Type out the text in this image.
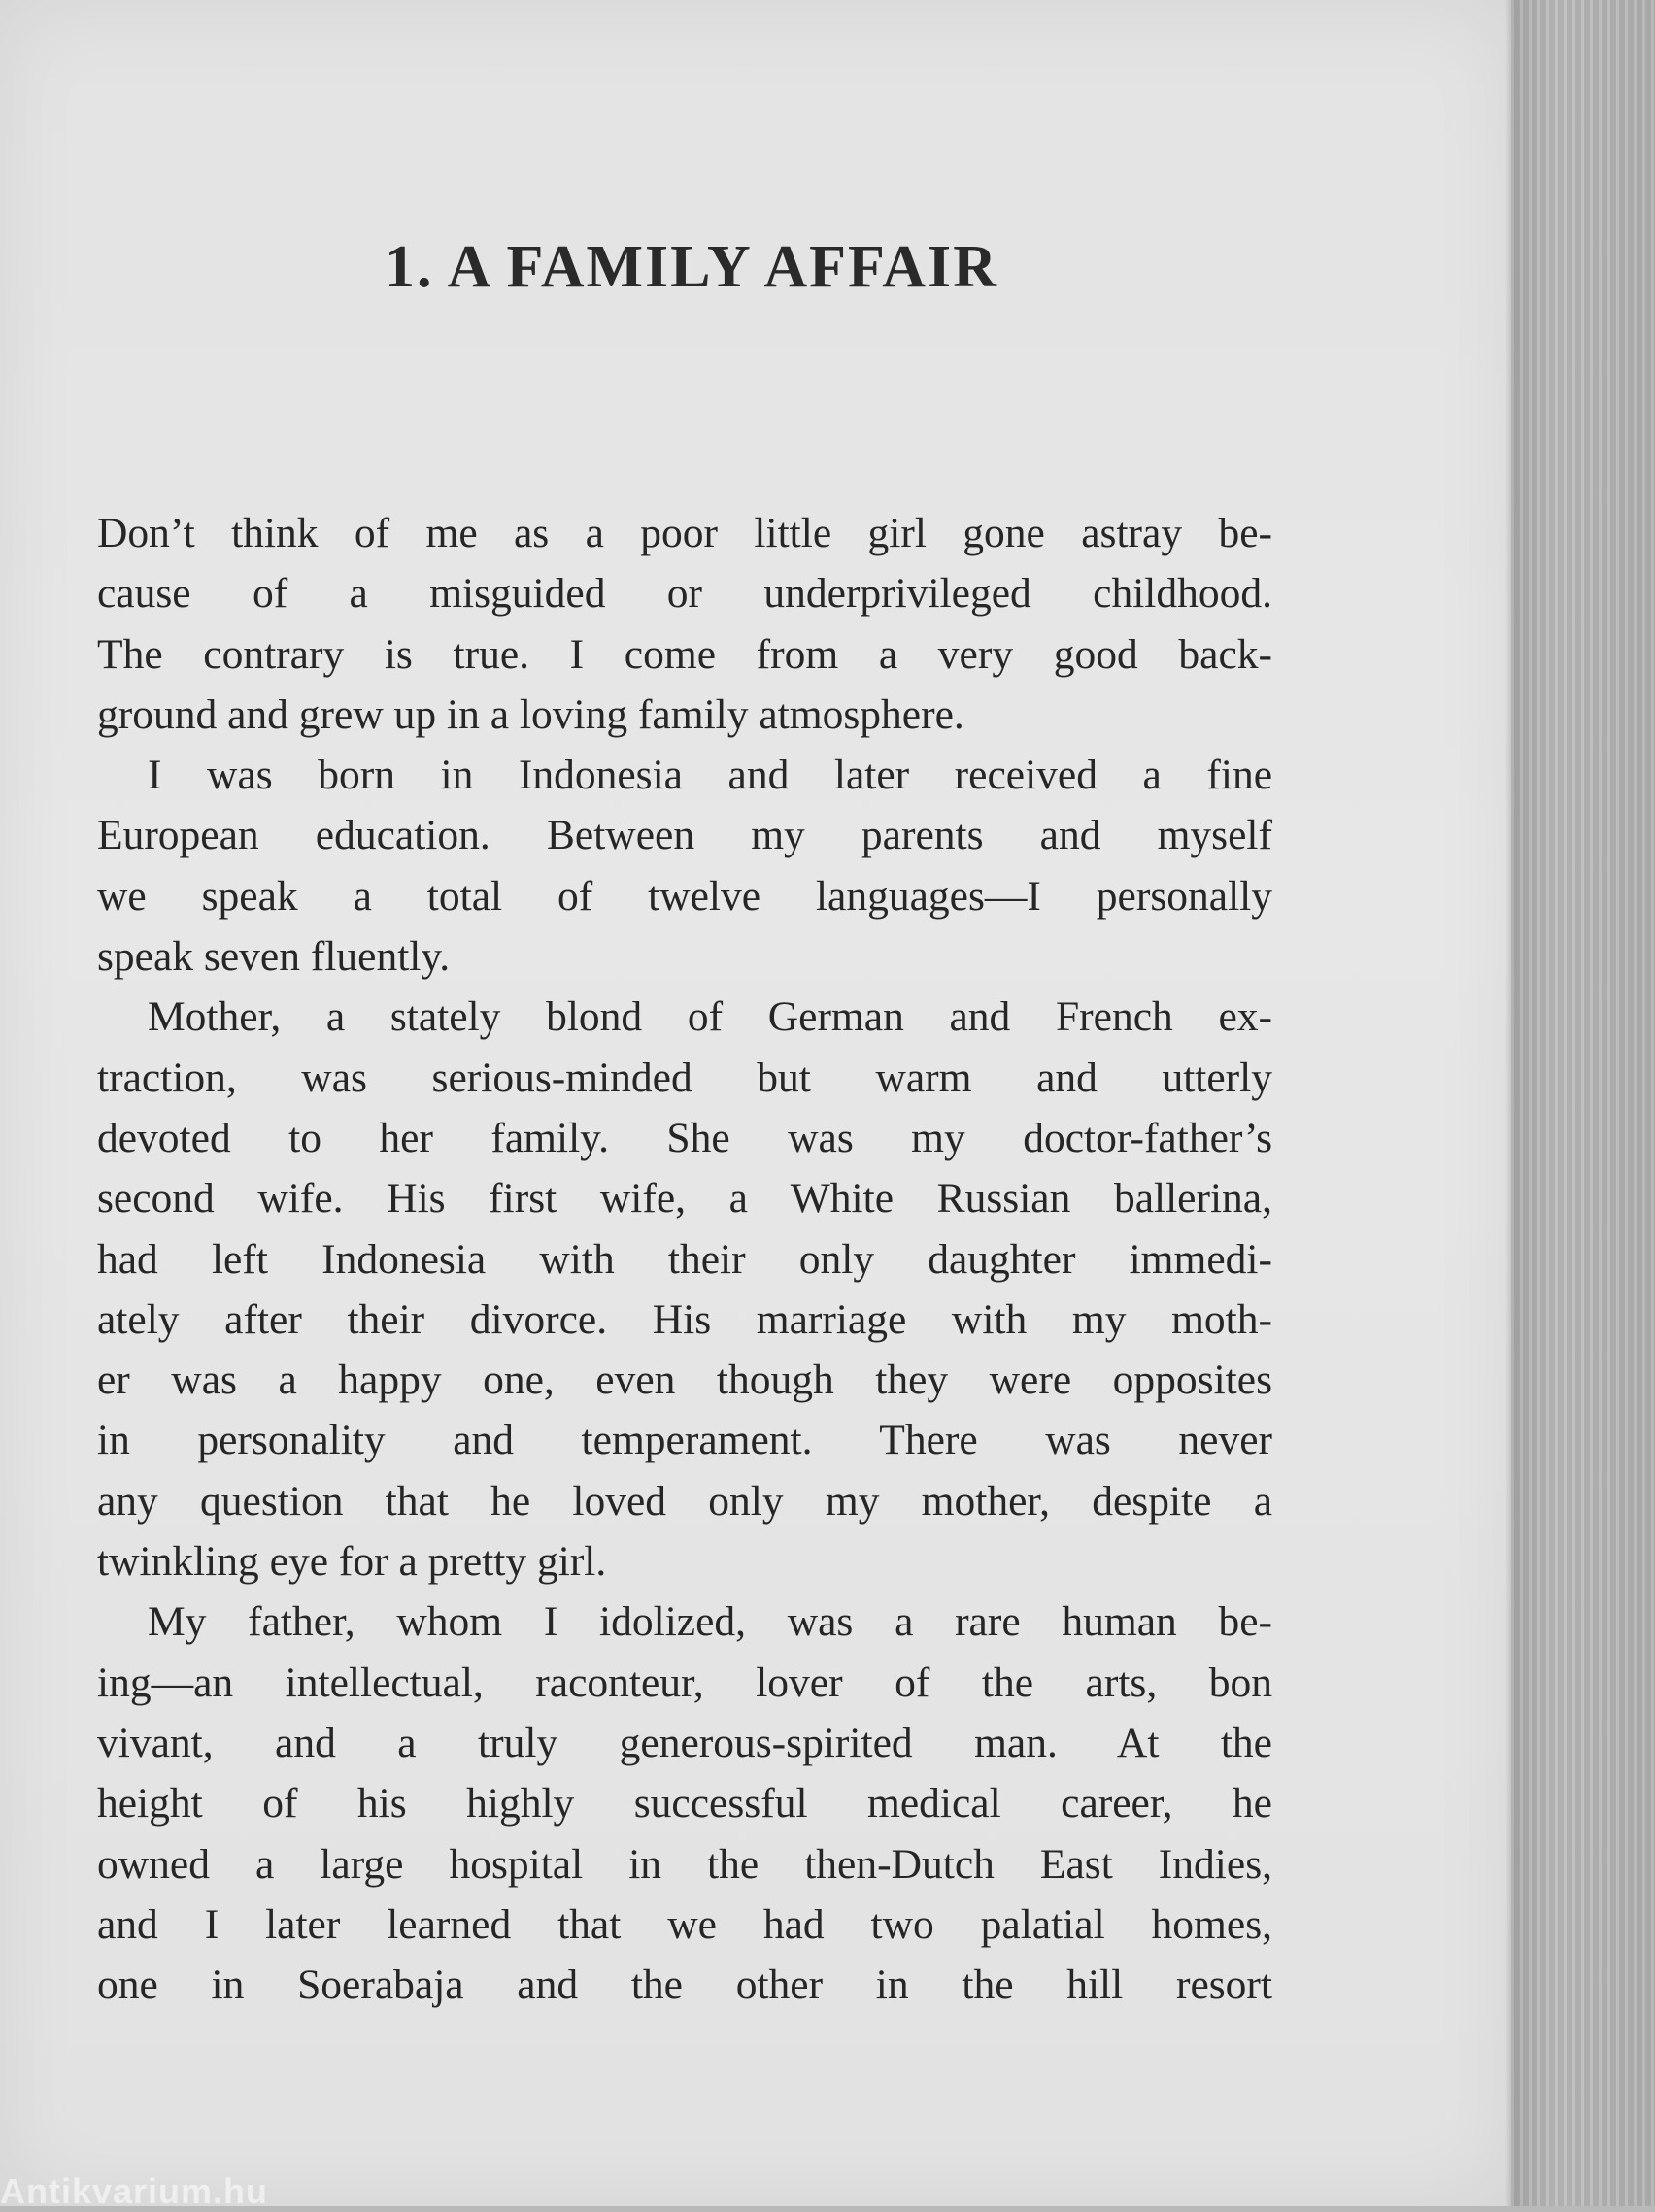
1. A FAMILY AFFAIR
Don’t think of me as a poor little girl gone astray be-
cause of a misguided or underprivileged childhood.
The contrary is true. I come from a very good back-
ground and grew up in a loving family atmosphere.
I was born in Indonesia and later received a fine
European education. Between my parents and myself
we speak a total of twelve languages—I personally
speak seven fluently.
Mother, a stately blond of German and French ex-
traction, was serious-minded but warm and utterly
devoted to her family. She was my doctor-father’s
second wife. His first wife, a White Russian ballerina,
had left Indonesia with their only daughter immedi-
ately after their divorce. His marriage with my moth-
er was a happy one, even though they were opposites
in personality and temperament. There was never
any question that he loved only my mother, despite a
twinkling eye for a pretty girl.
My father, whom I idolized, was a rare human be-
ing—an intellectual, raconteur, lover of the arts, bon
vivant, and a truly generous-spirited man. At the
height of his highly successful medical career, he
owned a large hospital in the then-Dutch East Indies,
and I later learned that we had two palatial homes,
one in Soerabaja and the other in the hill resort
Antikvarium.hu
